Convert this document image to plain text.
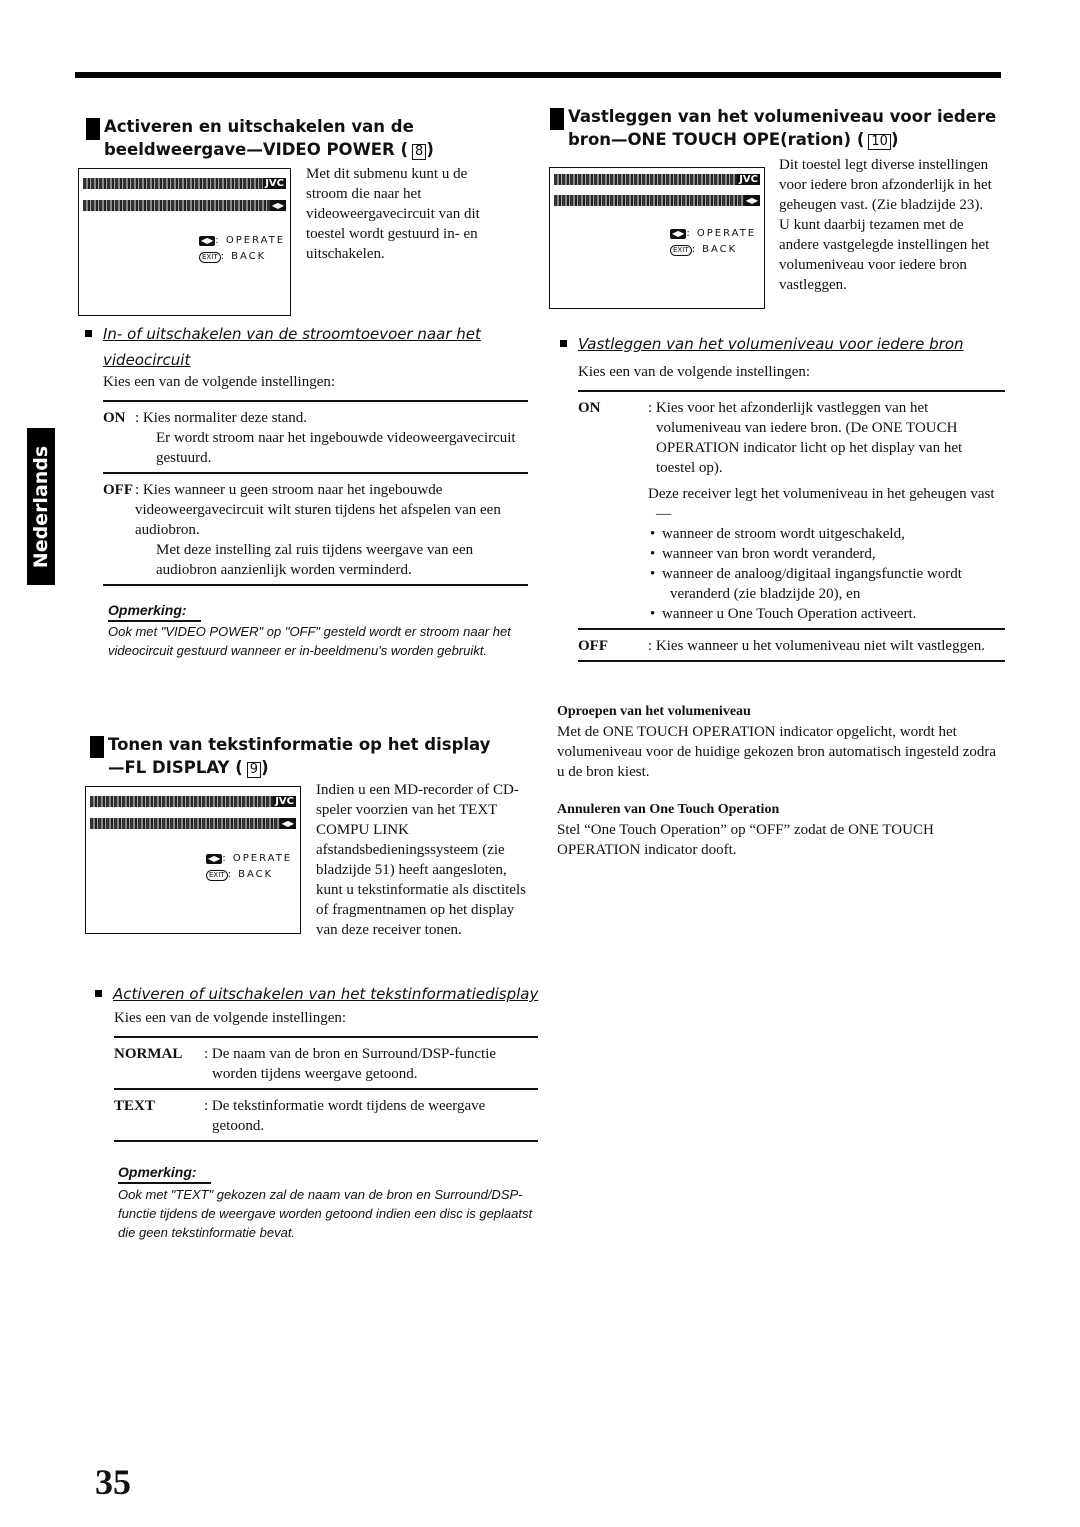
Nederlands
Activeren en uitschakelen van de
beeldweergave—VIDEO POWER ( 8 )
JVC
◀▶
◀▶ : OPERATE
EXIT : BACK
Met dit submenu kunt u de stroom die naar het videoweergavecircuit van dit toestel wordt gestuurd in- en uitschakelen.
In- of uitschakelen van de stroomtoevoer naar het videocircuit
Kies een van de volgende instellingen:
ON : Kies normaliter deze stand.
Er wordt stroom naar het ingebouwde videoweergavecircuit gestuurd.
OFF : Kies wanneer u geen stroom naar het ingebouwde videoweergavecircuit wilt sturen tijdens het afspelen van een audiobron.
Met deze instelling zal ruis tijdens weergave van een audiobron aanzienlijk worden verminderd.
Opmerking:
Ook met "VIDEO POWER" op "OFF" gesteld wordt er stroom naar het videocircuit gestuurd wanneer er in-beeldmenu's worden gebruikt.
Tonen van tekstinformatie op het display
—FL DISPLAY ( 9 )
JVC
◀▶
◀▶ : OPERATE
EXIT : BACK
Indien u een MD-recorder of CD-speler voorzien van het TEXT COMPU LINK afstandsbedieningssysteem (zie bladzijde 51) heeft aangesloten, kunt u tekstinformatie als disctitels of fragmentnamen op het display van deze receiver tonen.
Activeren of uitschakelen van het tekstinformatiedisplay
Kies een van de volgende instellingen:
NORMAL	: De naam van de bron en Surround/DSP-functie worden tijdens weergave getoond.
TEXT	: De tekstinformatie wordt tijdens de weergave getoond.
Opmerking:
Ook met "TEXT" gekozen zal de naam van de bron en Surround/DSP-functie tijdens de weergave worden getoond indien een disc is geplaatst die geen tekstinformatie bevat.
Vastleggen van het volumeniveau voor iedere
bron—ONE TOUCH OPE(ration) ( 10 )
JVC
◀▶
◀▶ : OPERATE
EXIT : BACK
Dit toestel legt diverse instellingen voor iedere bron afzonderlijk in het geheugen vast. (Zie bladzijde 23).
U kunt daarbij tezamen met de andere vastgelegde instellingen het volumeniveau voor iedere bron vastleggen.
Vastleggen van het volumeniveau voor iedere bron
Kies een van de volgende instellingen:
ON	: Kies voor het afzonderlijk vastleggen van het volumeniveau van iedere bron. (De ONE TOUCH OPERATION indicator licht op het display van het toestel op).
Deze receiver legt het volumeniveau in het geheugen vast—
• wanneer de stroom wordt uitgeschakeld,
• wanneer van bron wordt veranderd,
• wanneer de analoog/digitaal ingangsfunctie wordt veranderd (zie bladzijde 20), en
• wanneer u One Touch Operation activeert.
OFF	: Kies wanneer u het volumeniveau niet wilt vastleggen.
Oproepen van het volumeniveau
Met de ONE TOUCH OPERATION indicator opgelicht, wordt het volumeniveau voor de huidige gekozen bron automatisch ingesteld zodra u de bron kiest.
Annuleren van One Touch Operation
Stel “One Touch Operation” op “OFF” zodat de ONE TOUCH OPERATION indicator dooft.
35
